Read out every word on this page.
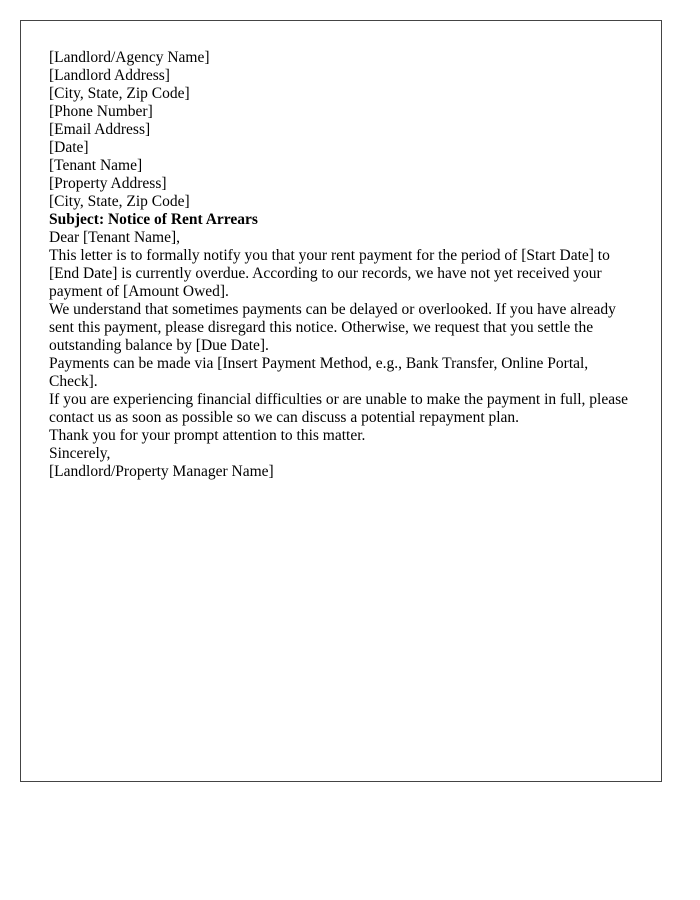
[Landlord/Agency Name]
[Landlord Address]
[City, State, Zip Code]
[Phone Number]
[Email Address]

[Date]

[Tenant Name]
[Property Address]
[City, State, Zip Code]

Subject: Notice of Rent Arrears

Dear [Tenant Name],

This letter is to formally notify you that your rent payment for the period of [Start Date] to [End Date] is currently overdue. According to our records, we have not yet received your payment of [Amount Owed].

We understand that sometimes payments can be delayed or overlooked. If you have already sent this payment, please disregard this notice. Otherwise, we request that you settle the outstanding balance by [Due Date].

Payments can be made via [Insert Payment Method, e.g., Bank Transfer, Online Portal, Check].

If you are experiencing financial difficulties or are unable to make the payment in full, please contact us as soon as possible so we can discuss a potential repayment plan.

Thank you for your prompt attention to this matter.

Sincerely,

[Landlord/Property Manager Name]
